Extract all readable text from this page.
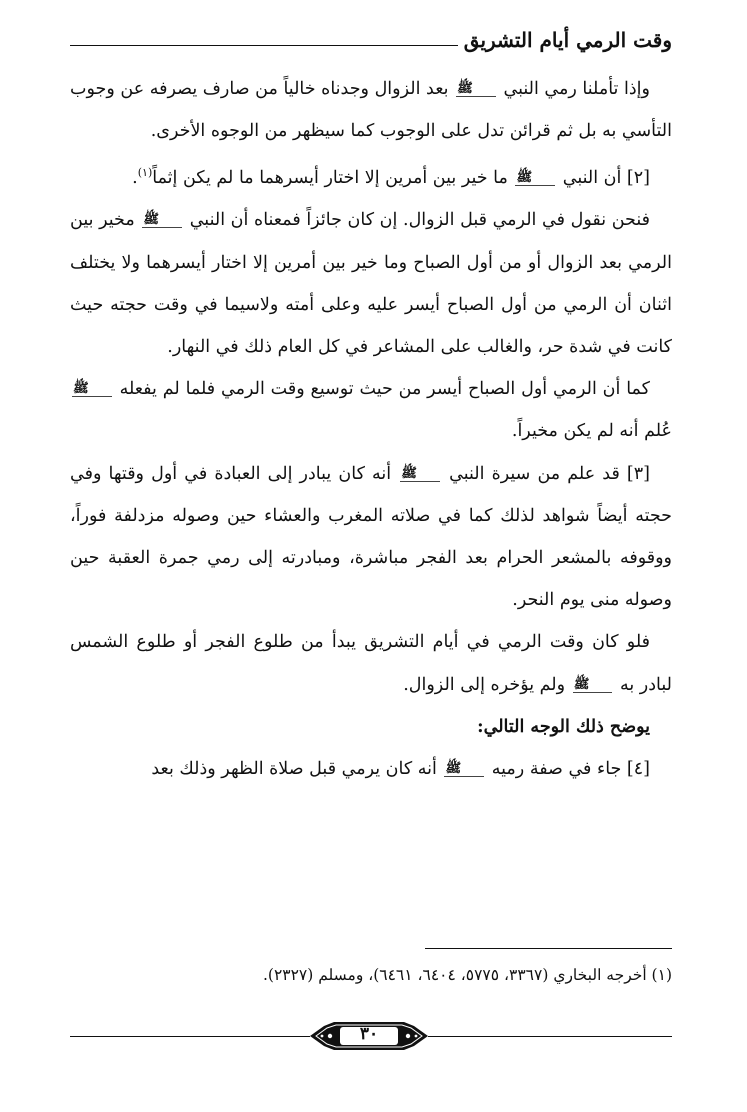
وقت الرمي أيام التشريق

وإذا تأملنا رمي النبي ﷺ بعد الزوال وجدناه خالياً من صارف يصرفه عن وجوب التأسي به بل ثم قرائن تدل على الوجوب كما سيظهر من الوجوه الأخرى.

[٢] أن النبي ﷺ ما خير بين أمرين إلا اختار أيسرهما ما لم يكن إثماً$^{(١)}$.

فنحن نقول في الرمي قبل الزوال. إن كان جائزاً فمعناه أن النبي ﷺ مخير بين الرمي بعد الزوال أو من أول الصباح وما خير بين أمرين إلا اختار أيسرهما ولا يختلف اثنان أن الرمي من أول الصباح أيسر عليه وعلى أمته ولاسيما في وقت حجته حيث كانت في شدة حر، والغالب على المشاعر في كل العام ذلك في النهار.

كما أن الرمي أول الصباح أيسر من حيث توسيع وقت الرمي فلما لم يفعله ﷺ عُلم أنه لم يكن مخيراً.

[٣] قد علم من سيرة النبي ﷺ أنه كان يبادر إلى العبادة في أول وقتها وفي حجته أيضاً شواهد لذلك كما في صلاته المغرب والعشاء حين وصوله مزدلفة فوراً، ووقوفه بالمشعر الحرام بعد الفجر مباشرة، ومبادرته إلى رمي جمرة العقبة حين وصوله منى يوم النحر.

فلو كان وقت الرمي في أيام التشريق يبدأ من طلوع الفجر أو طلوع الشمس لبادر به ﷺ ولم يؤخره إلى الزوال.

يوضح ذلك الوجه التالي:

[٤] جاء في صفة رميه ﷺ أنه كان يرمي قبل صلاة الظهر وذلك بعد

(١) أخرجه البخاري (٣٣٦٧، ٥٧٧٥، ٦٤٠٤، ٦٤٦١)، ومسلم (٢٣٢٧).
٣٠
